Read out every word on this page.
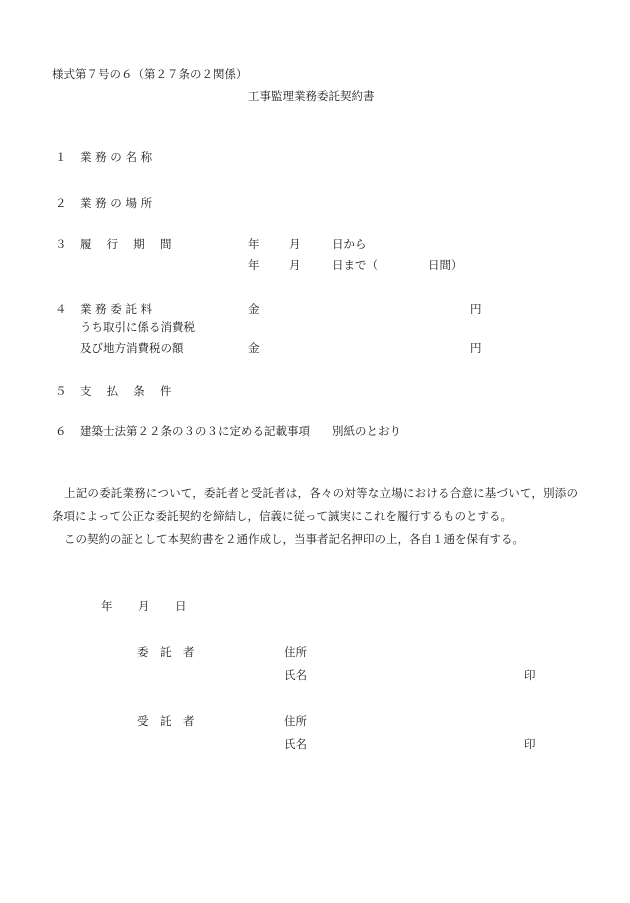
様式第７号の６（第２７条の２関係）
工事監理業務委託契約書
１ 業 務 の 名 称
２ 業 務 の 場 所
３ 履　 行　 期　 間	年	月	日から
年	月	日まで（	日間）
４ 業 務 委 託 料	金	円
うち取引に係る消費税
及び地方消費税の額	金	円
５ 支　 払　 条　 件
６ 建築士法第２２条の３の３に定める記載事項 別紙のとおり
上記の委託業務について，委託者と受託者は，各々の対等な立場における合意に基づいて，別添の条項によって公正な委託契約を締結し，信義に従って誠実にこれを履行するものとする。
この契約の証として本契約書を２通作成し，当事者記名押印の上，各自１通を保有する。
年 月 日
委　託　者	住所
氏名	印
受　託　者	住所
氏名	印
